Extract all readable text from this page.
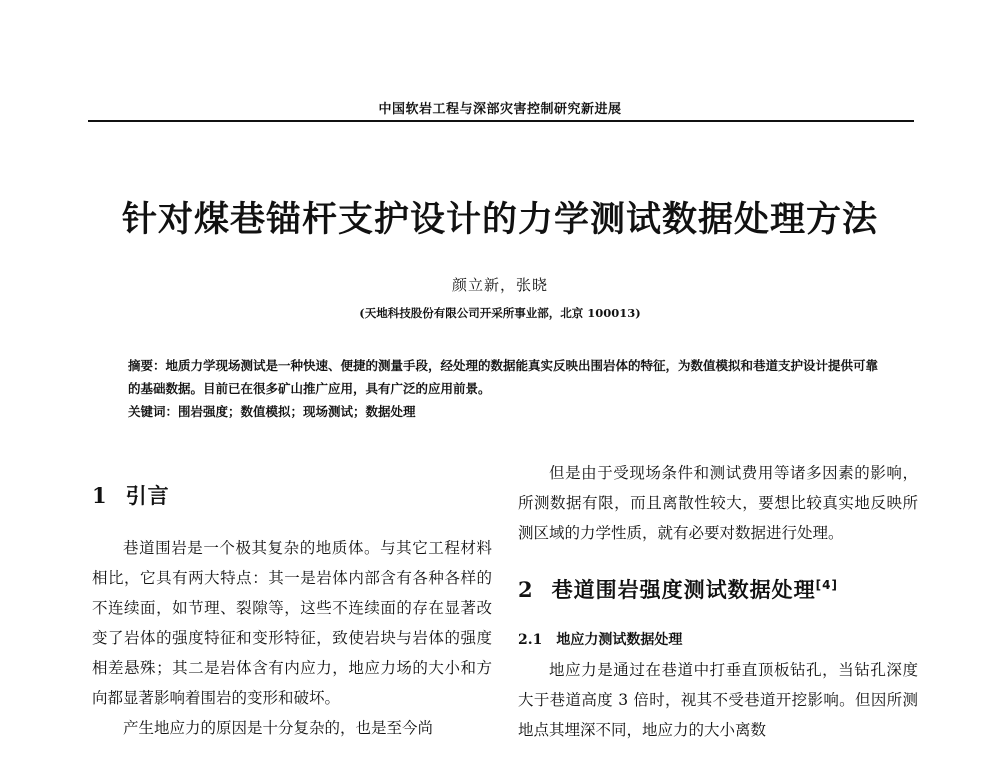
中国软岩工程与深部灾害控制研究新进展
针对煤巷锚杆支护设计的力学测试数据处理方法
颜立新，张晓
(天地科技股份有限公司开采所事业部，北京 100013)
摘要：地质力学现场测试是一种快速、便捷的测量手段，经处理的数据能真实反映出围岩体的特征，为数值模拟和巷道支护设计提供可靠的基础数据。目前已在很多矿山推广应用，具有广泛的应用前景。
关键词：围岩强度；数值模拟；现场测试；数据处理
1 引言

巷道围岩是一个极其复杂的地质体。与其它工程材料相比，它具有两大特点：其一是岩体内部含有各种各样的不连续面，如节理、裂隙等，这些不连续面的存在显著改变了岩体的强度特征和变形特征，致使岩块与岩体的强度相差悬殊；其二是岩体含有内应力，地应力场的大小和方向都显著影响着围岩的变形和破坏。

产生地应力的原因是十分复杂的，也是至今尚

但是由于受现场条件和测试费用等诸多因素的影响，所测数据有限，而且离散性较大，要想比较真实地反映所测区域的力学性质，就有必要对数据进行处理。

2 巷道围岩强度测试数据处理[4]
2.1 地应力测试数据处理

地应力是通过在巷道中打垂直顶板钻孔，当钻孔深度大于巷道高度 3 倍时，视其不受巷道开挖影响。但因所测地点其埋深不同，地应力的大小离数
